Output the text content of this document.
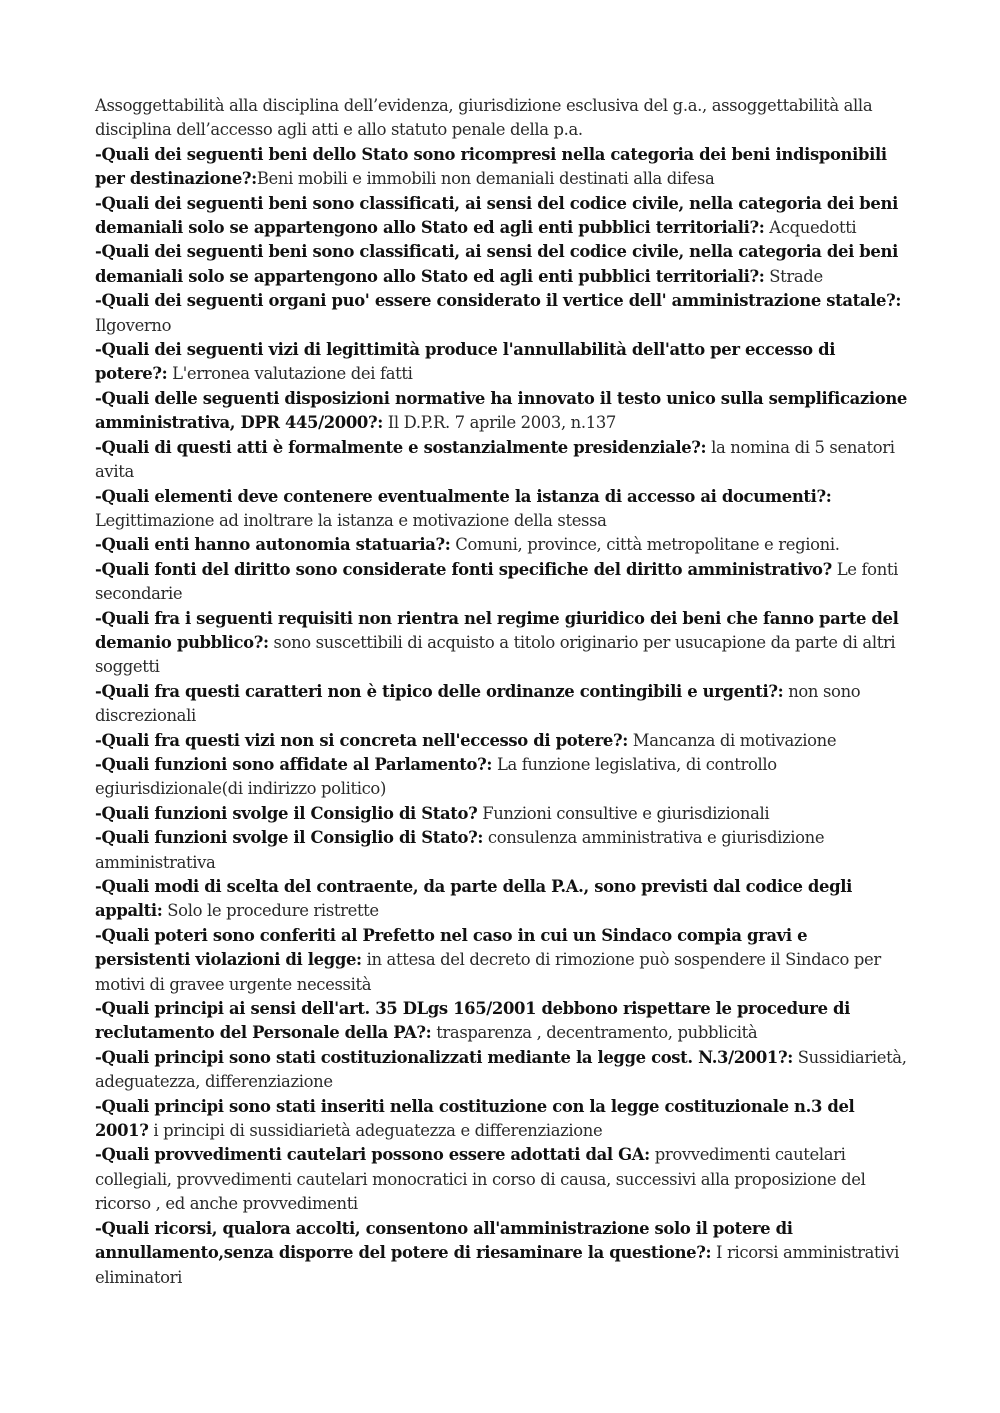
Assoggettabilità alla disciplina dell’evidenza, giurisdizione esclusiva del g.a., assoggettabilità alla disciplina dell’accesso agli atti e allo statuto penale della p.a.

-Quali dei seguenti beni dello Stato sono ricompresi nella categoria dei beni indisponibili per destinazione?:Beni mobili e immobili non demaniali destinati alla difesa

-Quali dei seguenti beni sono classificati, ai sensi del codice civile, nella categoria dei beni demaniali solo se appartengono allo Stato ed agli enti pubblici territoriali?: Acquedotti

-Quali dei seguenti beni sono classificati, ai sensi del codice civile, nella categoria dei beni demaniali solo se appartengono allo Stato ed agli enti pubblici territoriali?: Strade

-Quali dei seguenti organi puo' essere considerato il vertice dell' amministrazione statale?: Ilgoverno

-Quali dei seguenti vizi di legittimità produce l'annullabilità dell'atto per eccesso di potere?: L'erronea valutazione dei fatti

-Quali delle seguenti disposizioni normative ha innovato il testo unico sulla semplificazione amministrativa, DPR 445/2000?: Il D.P.R. 7 aprile 2003, n.137

-Quali di questi atti è formalmente e sostanzialmente presidenziale?: la nomina di 5 senatori avita

-Quali elementi deve contenere eventualmente la istanza di accesso ai documenti?: Legittimazione ad inoltrare la istanza e motivazione della stessa

-Quali enti hanno autonomia statuaria?: Comuni, province, città metropolitane e regioni.

-Quali fonti del diritto sono considerate fonti specifiche del diritto amministrativo? Le fonti secondarie

-Quali fra i seguenti requisiti non rientra nel regime giuridico dei beni che fanno parte del demanio pubblico?: sono suscettibili di acquisto a titolo originario per usucapione da parte di altri soggetti

-Quali fra questi caratteri non è tipico delle ordinanze contingibili e urgenti?: non sono discrezionali

-Quali fra questi vizi non si concreta nell'eccesso di potere?: Mancanza di motivazione

-Quali funzioni sono affidate al Parlamento?: La funzione legislativa, di controllo egiurisdizionale(di indirizzo politico)

-Quali funzioni svolge il Consiglio di Stato? Funzioni consultive e giurisdizionali

-Quali funzioni svolge il Consiglio di Stato?: consulenza amministrativa e giurisdizione amministrativa

-Quali modi di scelta del contraente, da parte della P.A., sono previsti dal codice degli appalti: Solo le procedure ristrette

-Quali poteri sono conferiti al Prefetto nel caso in cui un Sindaco compia gravi e persistenti violazioni di legge: in attesa del decreto di rimozione può sospendere il Sindaco per motivi di gravee urgente necessità

-Quali principi ai sensi dell'art. 35 DLgs 165/2001 debbono rispettare le procedure di reclutamento del Personale della PA?: trasparenza , decentramento, pubblicità

-Quali principi sono stati costituzionalizzati mediante la legge cost. N.3/2001?: Sussidiarietà, adeguatezza, differenziazione

-Quali principi sono stati inseriti nella costituzione con la legge costituzionale n.3 del 2001? i principi di sussidiarietà adeguatezza e differenziazione

-Quali provvedimenti cautelari possono essere adottati dal GA: provvedimenti cautelari collegiali, provvedimenti cautelari monocratici in corso di causa, successivi alla proposizione del ricorso , ed anche provvedimenti

-Quali ricorsi, qualora accolti, consentono all'amministrazione solo il potere di annullamento,senza disporre del potere di riesaminare la questione?: I ricorsi amministrativi eliminatori
